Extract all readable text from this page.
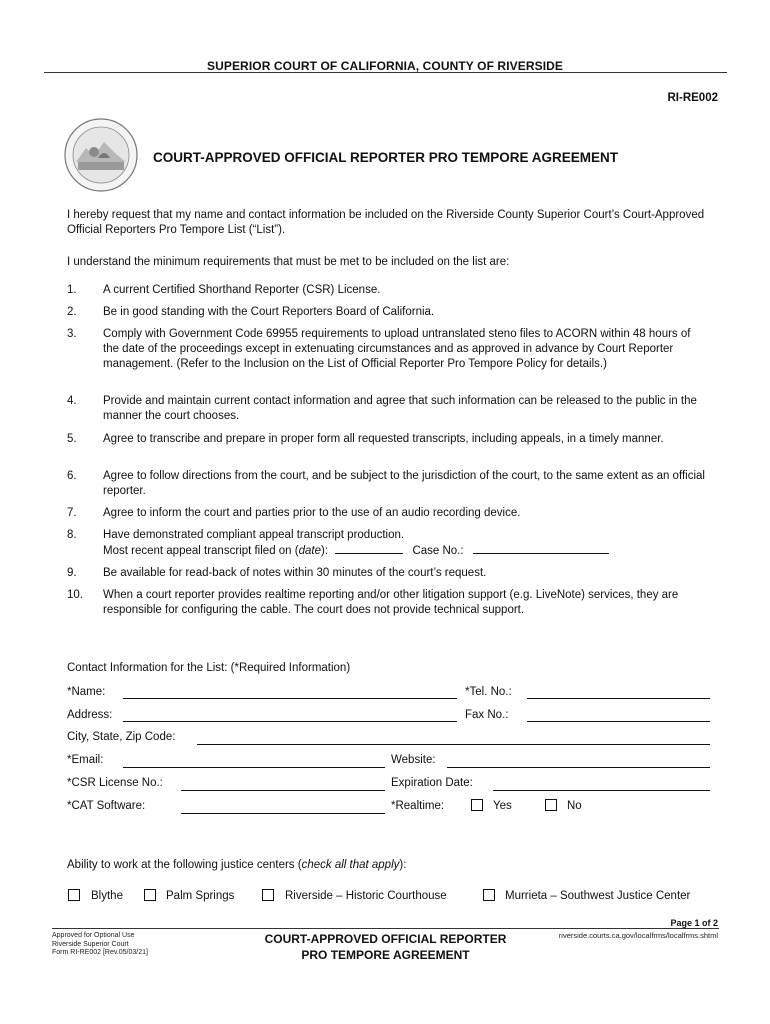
SUPERIOR COURT OF CALIFORNIA, COUNTY OF RIVERSIDE
RI-RE002
COURT-APPROVED OFFICIAL REPORTER PRO TEMPORE AGREEMENT
I hereby request that my name and contact information be included on the Riverside County Superior Court’s Court-Approved Official Reporters Pro Tempore List (“List”).
I understand the minimum requirements that must be met to be included on the list are:
1. A current Certified Shorthand Reporter (CSR) License.
2. Be in good standing with the Court Reporters Board of California.
3. Comply with Government Code 69955 requirements to upload untranslated steno files to ACORN within 48 hours of the date of the proceedings except in extenuating circumstances and as approved in advance by Court Reporter management. (Refer to the Inclusion on the List of Official Reporter Pro Tempore Policy for details.)
4. Provide and maintain current contact information and agree that such information can be released to the public in the manner the court chooses.
5. Agree to transcribe and prepare in proper form all requested transcripts, including appeals, in a timely manner.
6. Agree to follow directions from the court, and be subject to the jurisdiction of the court, to the same extent as an official reporter.
7. Agree to inform the court and parties prior to the use of an audio recording device.
8. Have demonstrated compliant appeal transcript production.
Most recent appeal transcript filed on (date):	Case No.:
9. Be available for read-back of notes within 30 minutes of the court’s request.
10. When a court reporter provides realtime reporting and/or other litigation support (e.g. LiveNote) services, they are responsible for configuring the cable. The court does not provide technical support.
Contact Information for the List: (*Required Information)
*Name:	*Tel. No.:
Address:	Fax No.:
City, State, Zip Code:
*Email:	Website:
*CSR License No.:	Expiration Date:
*CAT Software:	*Realtime:	Yes	No
Ability to work at the following justice centers (check all that apply):
Blythe	Palm Springs	Riverside – Historic Courthouse	Murrieta – Southwest Justice Center
Page 1 of 2
Approved for Optional Use
Riverside Superior Court
Form RI-RE002 [Rev.05/03/21]
COURT-APPROVED OFFICIAL REPORTER
PRO TEMPORE AGREEMENT
riverside.courts.ca.gov/localfrms/localfrms.shtml
